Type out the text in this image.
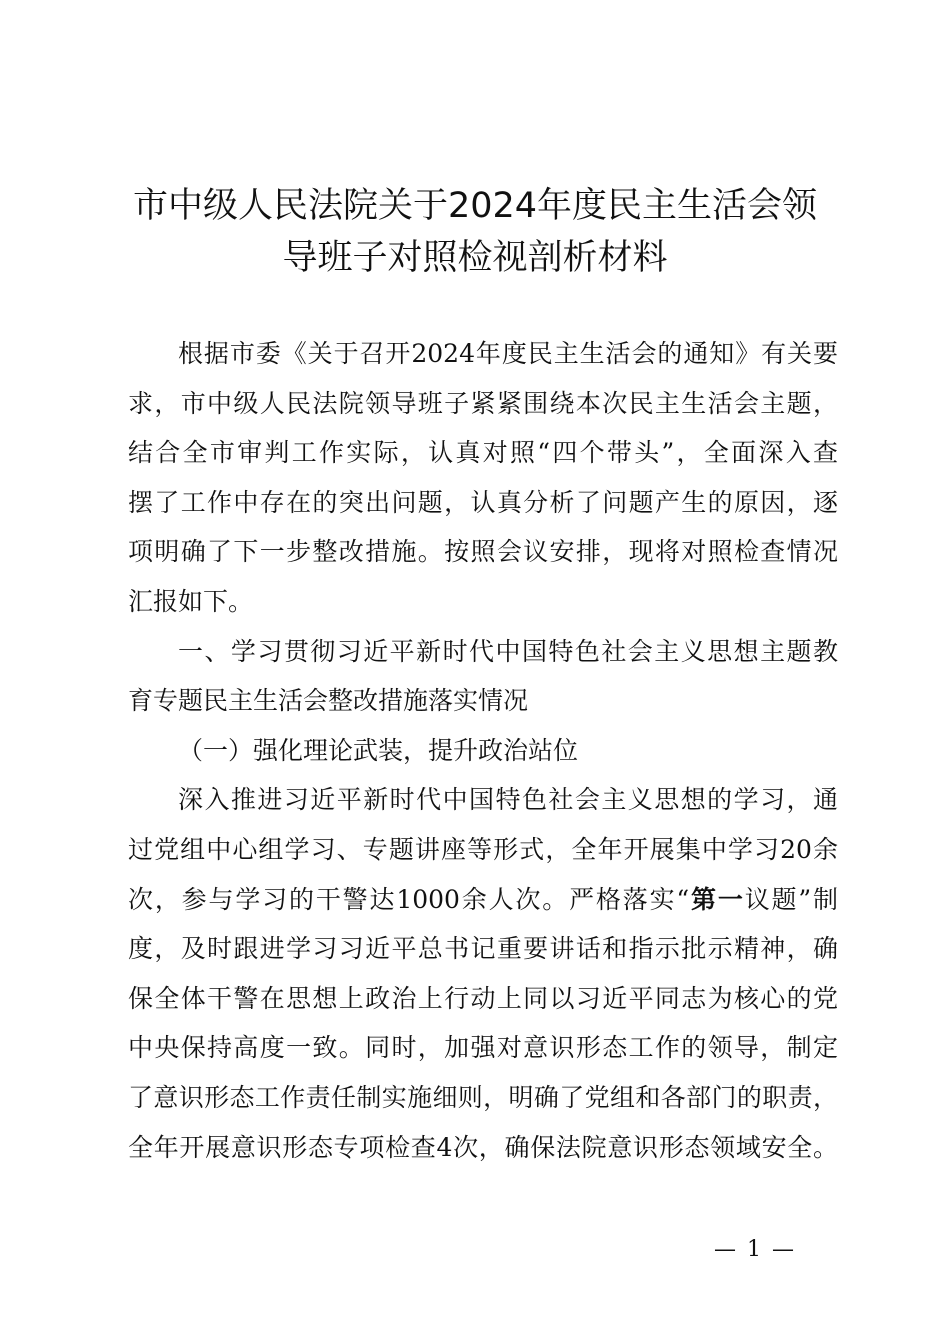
市中级人民法院关于2024年度民主生活会领
导班子对照检视剖析材料
根据市委《关于召开2024年度民主生活会的通知》有关要
求，市中级人民法院领导班子紧紧围绕本次民主生活会主题，
结合全市审判工作实际，认真对照“四个带头”，全面深入查
摆了工作中存在的突出问题，认真分析了问题产生的原因，逐
项明确了下一步整改措施。按照会议安排，现将对照检查情况
汇报如下。
一、学习贯彻习近平新时代中国特色社会主义思想主题教
育专题民主生活会整改措施落实情况
（一）强化理论武装，提升政治站位
深入推进习近平新时代中国特色社会主义思想的学习，通
过党组中心组学习、专题讲座等形式，全年开展集中学习20余
次，参与学习的干警达1000余人次。严格落实“第一议题”制
度，及时跟进学习习近平总书记重要讲话和指示批示精神，确
保全体干警在思想上政治上行动上同以习近平同志为核心的党
中央保持高度一致。同时，加强对意识形态工作的领导，制定
了意识形态工作责任制实施细则，明确了党组和各部门的职责，
全年开展意识形态专项检查4次，确保法院意识形态领域安全。
— 1 —
